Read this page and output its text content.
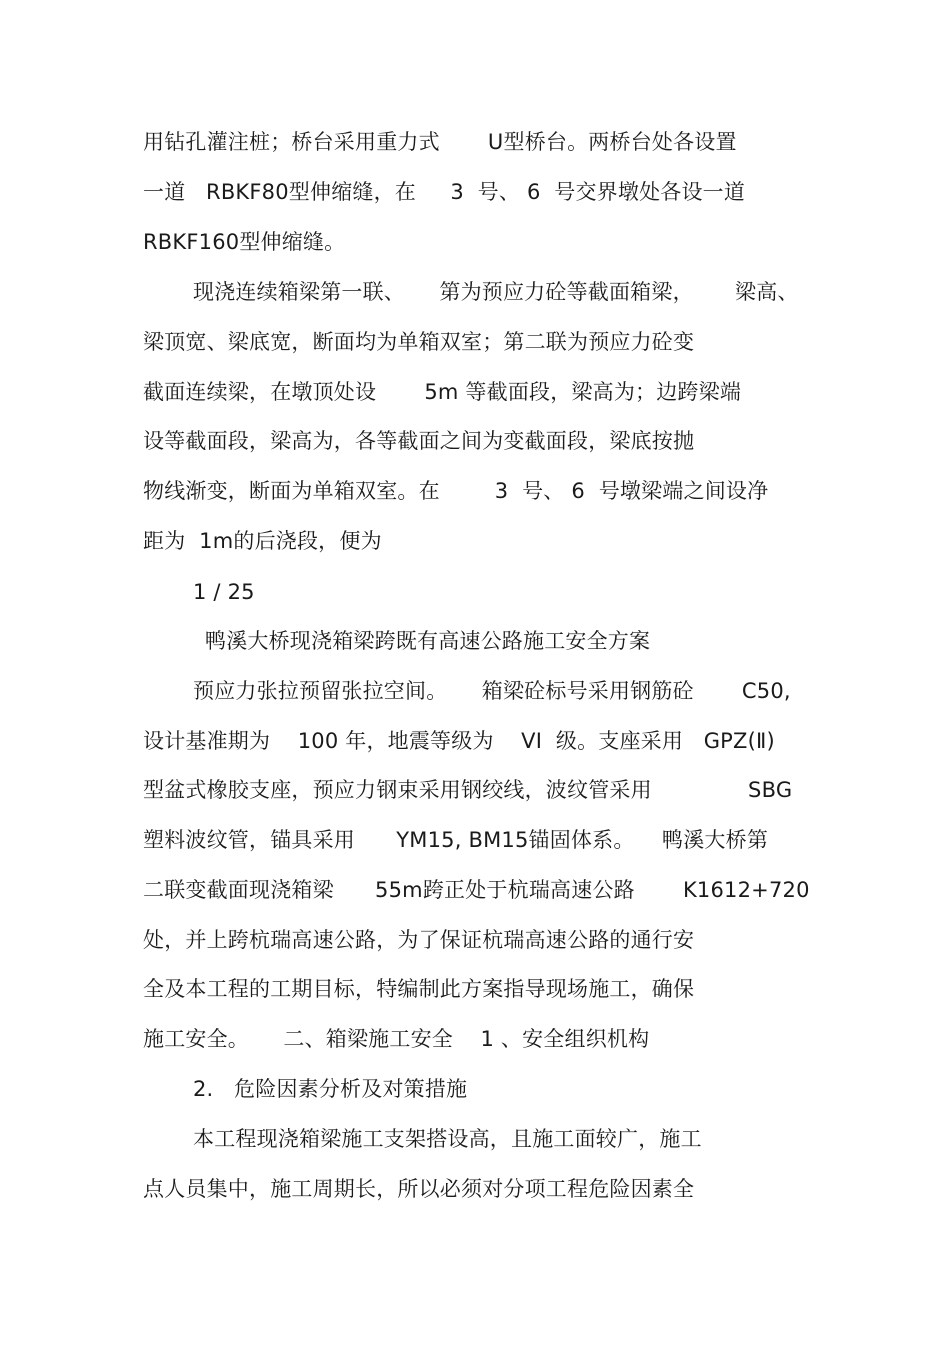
用钻孔灌注桩；桥台采用重力式       U型桥台。两桥台处各设置
一道   RBKF80型伸缩缝，在     3  号、 6  号交界墩处各设一道
RBKF160型伸缩缝。
现浇连续箱梁第一联、     第为预应力砼等截面箱梁，      梁高、
梁顶宽、梁底宽，断面均为单箱双室；第二联为预应力砼变
截面连续梁，在墩顶处设       5m 等截面段，梁高为；边跨梁端
设等截面段，梁高为，各等截面之间为变截面段，梁底按抛
物线渐变，断面为单箱双室。在        3  号、 6  号墩梁端之间设净
距为  1m的后浇段，便为
1 / 25
鸭溪大桥现浇箱梁跨既有高速公路施工安全方案
预应力张拉预留张拉空间。     箱梁砼标号采用钢筋砼       C50,
设计基准期为    100 年，地震等级为    VI  级。支座采用   GPZ(Ⅱ)
型盆式橡胶支座，预应力钢束采用钢绞线，波纹管采用              SBG
塑料波纹管，锚具采用      YM15, BM15锚固体系。    鸭溪大桥第
二联变截面现浇箱梁      55m跨正处于杭瑞高速公路       K1612+720
处，并上跨杭瑞高速公路，为了保证杭瑞高速公路的通行安
全及本工程的工期目标，特编制此方案指导现场施工，确保
施工安全。     二、箱梁施工安全    1 、安全组织机构
2.   危险因素分析及对策措施
本工程现浇箱梁施工支架搭设高，且施工面较广，施工
点人员集中，施工周期长，所以必须对分项工程危险因素全
